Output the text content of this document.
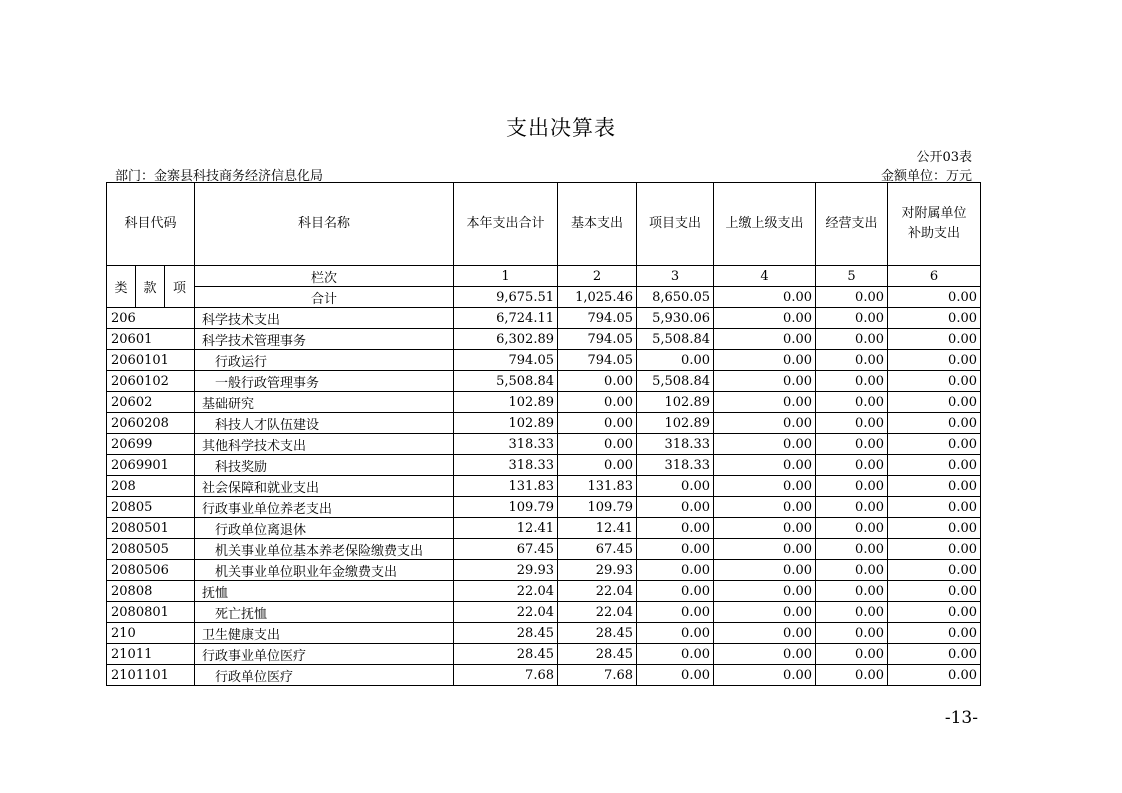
支出决算表
公开03表
部门：金寨县科技商务经济信息化局	金额单位：万元
科目代码			科目名称	本年支出合计	基本支出	项目支出	上缴上级支出	经营支出	对附属单位补助支出
类	款	项	栏次	1	2	3	4	5	6
			合计	9,675.51	1,025.46	8,650.05	0.00	0.00	0.00
206			科学技术支出	6,724.11	794.05	5,930.06	0.00	0.00	0.00
20601			科学技术管理事务	6,302.89	794.05	5,508.84	0.00	0.00	0.00
2060101			行政运行	794.05	794.05	0.00	0.00	0.00	0.00
2060102			一般行政管理事务	5,508.84	0.00	5,508.84	0.00	0.00	0.00
20602			基础研究	102.89	0.00	102.89	0.00	0.00	0.00
2060208			科技人才队伍建设	102.89	0.00	102.89	0.00	0.00	0.00
20699			其他科学技术支出	318.33	0.00	318.33	0.00	0.00	0.00
2069901			科技奖励	318.33	0.00	318.33	0.00	0.00	0.00
208			社会保障和就业支出	131.83	131.83	0.00	0.00	0.00	0.00
20805			行政事业单位养老支出	109.79	109.79	0.00	0.00	0.00	0.00
2080501			行政单位离退休	12.41	12.41	0.00	0.00	0.00	0.00
2080505			机关事业单位基本养老保险缴费支出	67.45	67.45	0.00	0.00	0.00	0.00
2080506			机关事业单位职业年金缴费支出	29.93	29.93	0.00	0.00	0.00	0.00
20808			抚恤	22.04	22.04	0.00	0.00	0.00	0.00
2080801			死亡抚恤	22.04	22.04	0.00	0.00	0.00	0.00
210			卫生健康支出	28.45	28.45	0.00	0.00	0.00	0.00
21011			行政事业单位医疗	28.45	28.45	0.00	0.00	0.00	0.00
2101101			行政单位医疗	7.68	7.68	0.00	0.00	0.00	0.00
-13-
